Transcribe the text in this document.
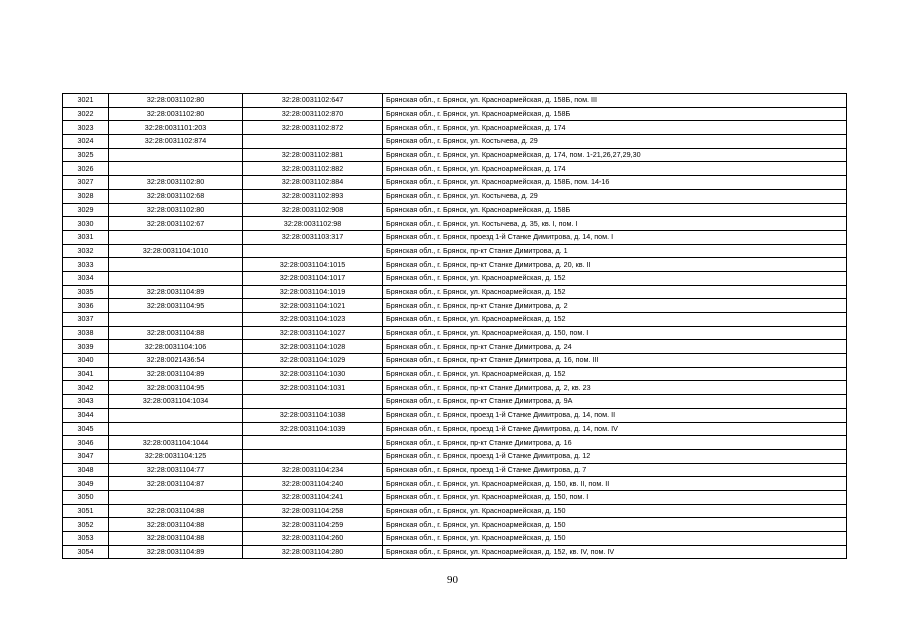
3021	32:28:0031102:80	32:28:0031102:647	Брянская обл., г. Брянск, ул. Красноармейская, д. 158Б, пом. III
3022	32:28:0031102:80	32:28:0031102:870	Брянская обл., г. Брянск, ул. Красноармейская, д. 158Б
3023	32:28:0031101:203	32:28:0031102:872	Брянская обл., г. Брянск, ул. Красноармейская, д. 174
3024	32:28:0031102:874		Брянская обл., г. Брянск, ул. Костычева, д. 29
3025		32:28:0031102:881	Брянская обл., г. Брянск, ул. Красноармейская, д. 174, пом. 1-21,26,27,29,30
3026		32:28:0031102:882	Брянская обл., г. Брянск, ул. Красноармейская, д. 174
3027	32:28:0031102:80	32:28:0031102:884	Брянская обл., г. Брянск, ул. Красноармейская, д. 158Б, пом. 14-16
3028	32:28:0031102:68	32:28:0031102:893	Брянская обл., г. Брянск, ул. Костычева, д. 29
3029	32:28:0031102:80	32:28:0031102:908	Брянская обл., г. Брянск, ул. Красноармейская, д. 158Б
3030	32:28:0031102:67	32:28:0031102:98	Брянская обл., г. Брянск, ул. Костычева, д. 35, кв. I, пом. I
3031		32:28:0031103:317	Брянская обл., г. Брянск, проезд 1-й Станке Димитрова, д. 14, пом. I
3032	32:28:0031104:1010		Брянская обл., г. Брянск, пр-кт Станке Димитрова, д. 1
3033		32:28:0031104:1015	Брянская обл., г. Брянск, пр-кт Станке Димитрова, д. 20, кв. II
3034		32:28:0031104:1017	Брянская обл., г. Брянск, ул. Красноармейская, д. 152
3035	32:28:0031104:89	32:28:0031104:1019	Брянская обл., г. Брянск, ул. Красноармейская, д. 152
3036	32:28:0031104:95	32:28:0031104:1021	Брянская обл., г. Брянск, пр-кт Станке Димитрова, д. 2
3037		32:28:0031104:1023	Брянская обл., г. Брянск, ул. Красноармейская, д. 152
3038	32:28:0031104:88	32:28:0031104:1027	Брянская обл., г. Брянск, ул. Красноармейская, д. 150, пом. I
3039	32:28:0031104:106	32:28:0031104:1028	Брянская обл., г. Брянск, пр-кт Станке Димитрова, д. 24
3040	32:28:0021436:54	32:28:0031104:1029	Брянская обл., г. Брянск, пр-кт Станке Димитрова, д. 16, пом. III
3041	32:28:0031104:89	32:28:0031104:1030	Брянская обл., г. Брянск, ул. Красноармейская, д. 152
3042	32:28:0031104:95	32:28:0031104:1031	Брянская обл., г. Брянск, пр-кт Станке Димитрова, д. 2, кв. 23
3043	32:28:0031104:1034		Брянская обл., г. Брянск, пр-кт Станке Димитрова, д. 9А
3044		32:28:0031104:1038	Брянская обл., г. Брянск, проезд 1-й Станке Димитрова, д. 14, пом. II
3045		32:28:0031104:1039	Брянская обл., г. Брянск, проезд 1-й Станке Димитрова, д. 14, пом. IV
3046	32:28:0031104:1044		Брянская обл., г. Брянск, пр-кт Станке Димитрова, д. 16
3047	32:28:0031104:125		Брянская обл., г. Брянск, проезд 1-й Станке Димитрова, д. 12
3048	32:28:0031104:77	32:28:0031104:234	Брянская обл., г. Брянск, проезд 1-й Станке Димитрова, д. 7
3049	32:28:0031104:87	32:28:0031104:240	Брянская обл., г. Брянск, ул. Красноармейская, д. 150, кв. II, пом. II
3050		32:28:0031104:241	Брянская обл., г. Брянск, ул. Красноармейская, д. 150, пом. I
3051	32:28:0031104:88	32:28:0031104:258	Брянская обл., г. Брянск, ул. Красноармейская, д. 150
3052	32:28:0031104:88	32:28:0031104:259	Брянская обл., г. Брянск, ул. Красноармейская, д. 150
3053	32:28:0031104:88	32:28:0031104:260	Брянская обл., г. Брянск, ул. Красноармейская, д. 150
3054	32:28:0031104:89	32:28:0031104:280	Брянская обл., г. Брянск, ул. Красноармейская, д. 152, кв. IV, пом. IV
90
